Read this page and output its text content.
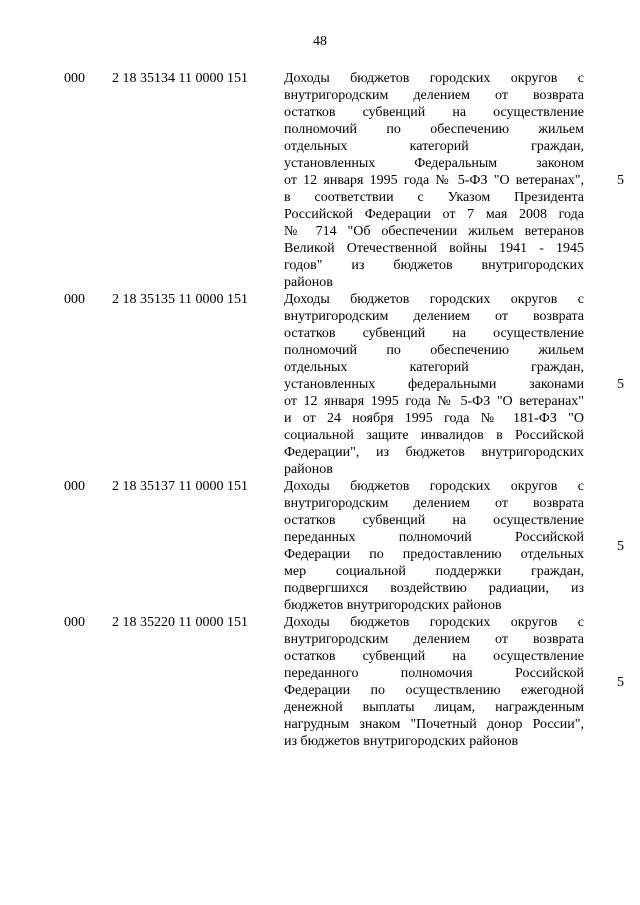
48
000	2 18 35134 11 0000 151	Доходы бюджетов городских округов с
внутригородским делением от возврата
остатков субвенций на осуществление
полномочий по обеспечению жильем
отдельных категорий граждан,
установленных Федеральным законом
от 12 января 1995 года № 5-ФЗ "О ветеранах",
в соответствии с Указом Президента
Российской Федерации от 7 мая 2008 года
№ 714 "Об обеспечении жильем ветеранов
Великой Отечественной войны 1941 - 1945
годов" из бюджетов внутригородских
районов
5
000	2 18 35135 11 0000 151	Доходы бюджетов городских округов с
внутригородским делением от возврата
остатков субвенций на осуществление
полномочий по обеспечению жильем
отдельных категорий граждан,
установленных федеральными законами
от 12 января 1995 года № 5-ФЗ "О ветеранах"
и от 24 ноября 1995 года № 181-ФЗ "О
социальной защите инвалидов в Российской
Федерации", из бюджетов внутригородских
районов
5
000	2 18 35137 11 0000 151	Доходы бюджетов городских округов с
внутригородским делением от возврата
остатков субвенций на осуществление
переданных полномочий Российской
Федерации по предоставлению отдельных
мер социальной поддержки граждан,
подвергшихся воздействию радиации, из
бюджетов внутригородских районов
5
000	2 18 35220 11 0000 151	Доходы бюджетов городских округов с
внутригородским делением от возврата
остатков субвенций на осуществление
переданного полномочия Российской
Федерации по осуществлению ежегодной
денежной выплаты лицам, награжденным
нагрудным знаком "Почетный донор России",
из бюджетов внутригородских районов
5
